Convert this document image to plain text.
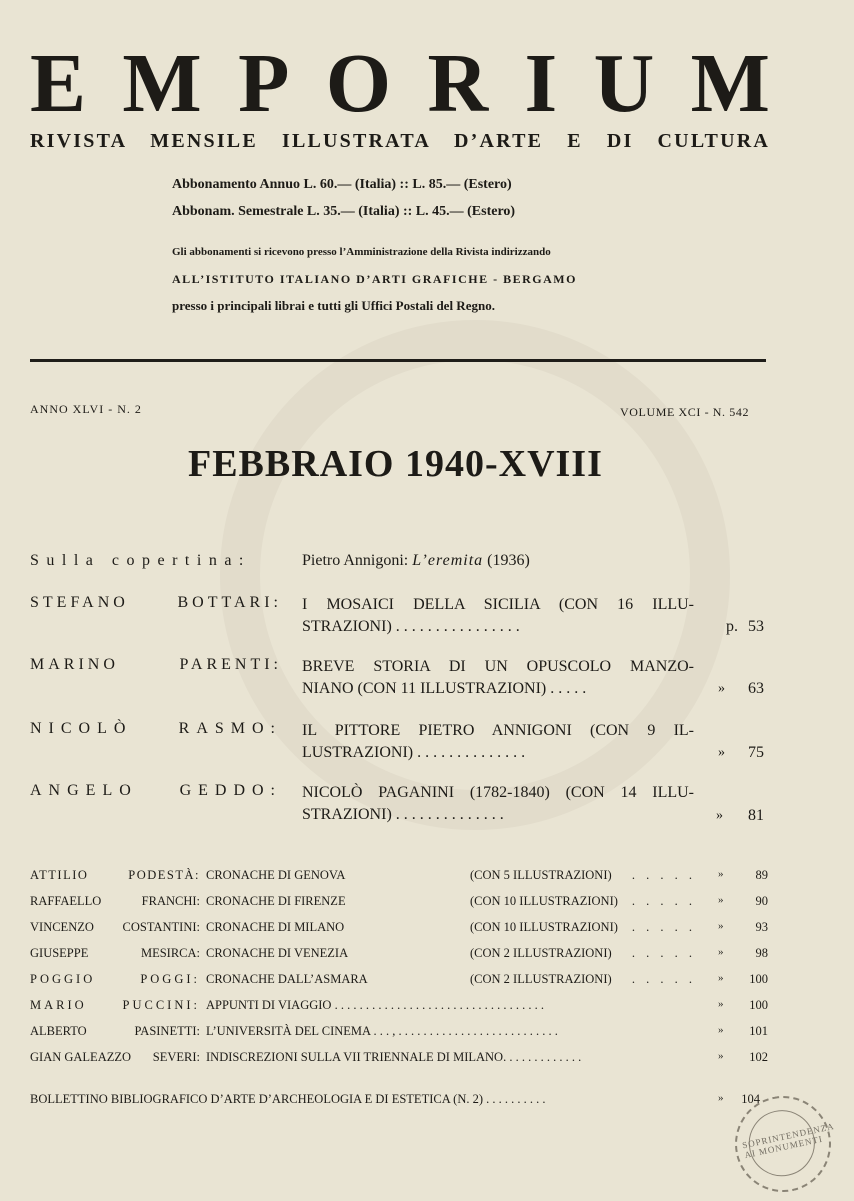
E M P O R I U M
RIVISTA MENSILE ILLUSTRATA D’ARTE E DI CULTURA
Abbonamento Annuo L. 60.— (Italia) :: L. 85.— (Estero)
Abbonam. Semestrale L. 35.— (Italia) :: L. 45.— (Estero)
Gli abbonamenti si ricevono presso l’Amministrazione della Rivista indirizzando
ALL’ISTITUTO ITALIANO D’ARTI GRAFICHE - BERGAMO
presso i principali librai e tutti gli Uffici Postali del Regno.
ANNO XLVI - N. 2	VOLUME XCI - N. 542
FEBBRAIO 1940-XVIII
Sulla copertina:	Pietro Annigoni: L’eremita (1936)
STEFANO	BOTTARI: I MOSAICI DELLA SICILIA (CON 16 ILLU-
STRAZIONI) . . . . . . . . . . . . . . . .	p. 53
MARINO	PARENTI: BREVE STORIA DI UN OPUSCOLO MANZO-
NIANO (CON 11 ILLUSTRAZIONI) . . . . .	» 63
NICOLÒ	RASMO: IL PITTORE PIETRO ANNIGONI (CON 9 IL-
LUSTRAZIONI) . . . . . . . . . . . . . .	» 75
ANGELO	GEDDO: NICOLÒ PAGANINI (1782-1840) (CON 14 ILLU-
STRAZIONI) . . . . . . . . . . . . . .	» 81
ATTILIO	PODESTÀ: CRONACHE DI GENOVA	(CON 5 ILLUSTRAZIONI) . . . . . »	89
RAFFAELLO	FRANCHI: CRONACHE DI FIRENZE	(CON 10 ILLUSTRAZIONI) . . . . . »	90
VINCENZO COSTANTINI: CRONACHE DI MILANO	(CON 10 ILLUSTRAZIONI) . . . . . »	93
GIUSEPPE	MESIRCA: CRONACHE DI VENEZIA	(CON 2 ILLUSTRAZIONI) . . . . . »	98
POGGIO	POGGI: CRONACHE DALL’ASMARA	(CON 2 ILLUSTRAZIONI) . . . . . » 100
MARIO	PUCCINI: APPUNTI DI VIAGGIO . . . . . . . . . . . . . . . . . . . . . . . . . . . . . . . . . .	» 100
ALBERTO	PASINETTI: L’UNIVERSITÀ DEL CINEMA . . . , . . . . . . . . . . . . . . . . . . . . . . . . . .	» 101
GIAN GALEAZZO SEVERI: INDISCREZIONI SULLA VII TRIENNALE DI MILANO. . . . . . . . . . . . .	» 102
BOLLETTINO BIBLIOGRAFICO D’ARTE D’ARCHEOLOGIA E DI ESTETICA (N. 2) . . . . . . . . . .	» 104
SOPRINTENDENZA AI MONUMENTI
